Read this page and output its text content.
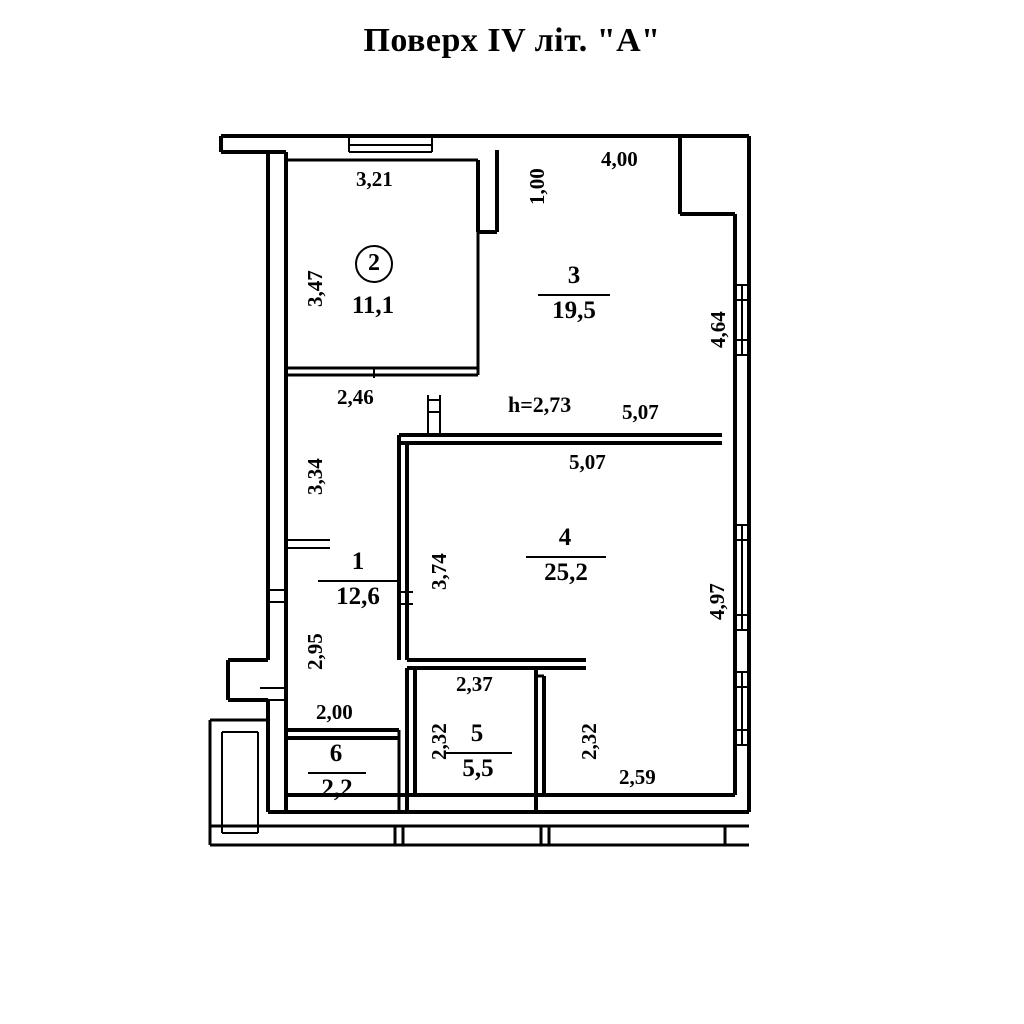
Поверх IV літ. "A"
2
11,1
3
19,5
1
12,6
4
25,2
5
5,5
6
2,2
h=2,73
3,21	1,00
4,00
3,47
4,64
2,46
5,07
5,07
3,34
3,74
4,97
2,95
2,00
2,37
2,32	2,32
2,59
